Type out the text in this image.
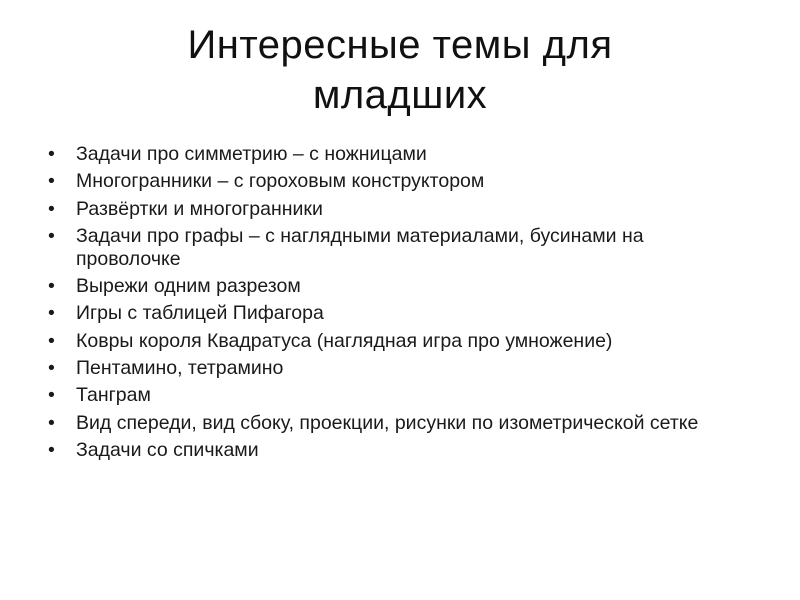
Интересные темы для
младших
•	Задачи про симметрию – с ножницами
•	Многогранники – с гороховым конструктором
•	Развёртки и многогранники
•	Задачи про графы – с наглядными материалами, бусинами на проволочке
•	Вырежи одним разрезом
•	Игры с таблицей Пифагора
•	Ковры короля Квадратуса (наглядная игра про умножение)
•	Пентамино, тетрамино
•	Танграм
•	Вид спереди, вид сбоку, проекции, рисунки по изометрической сетке
•	Задачи со спичками
